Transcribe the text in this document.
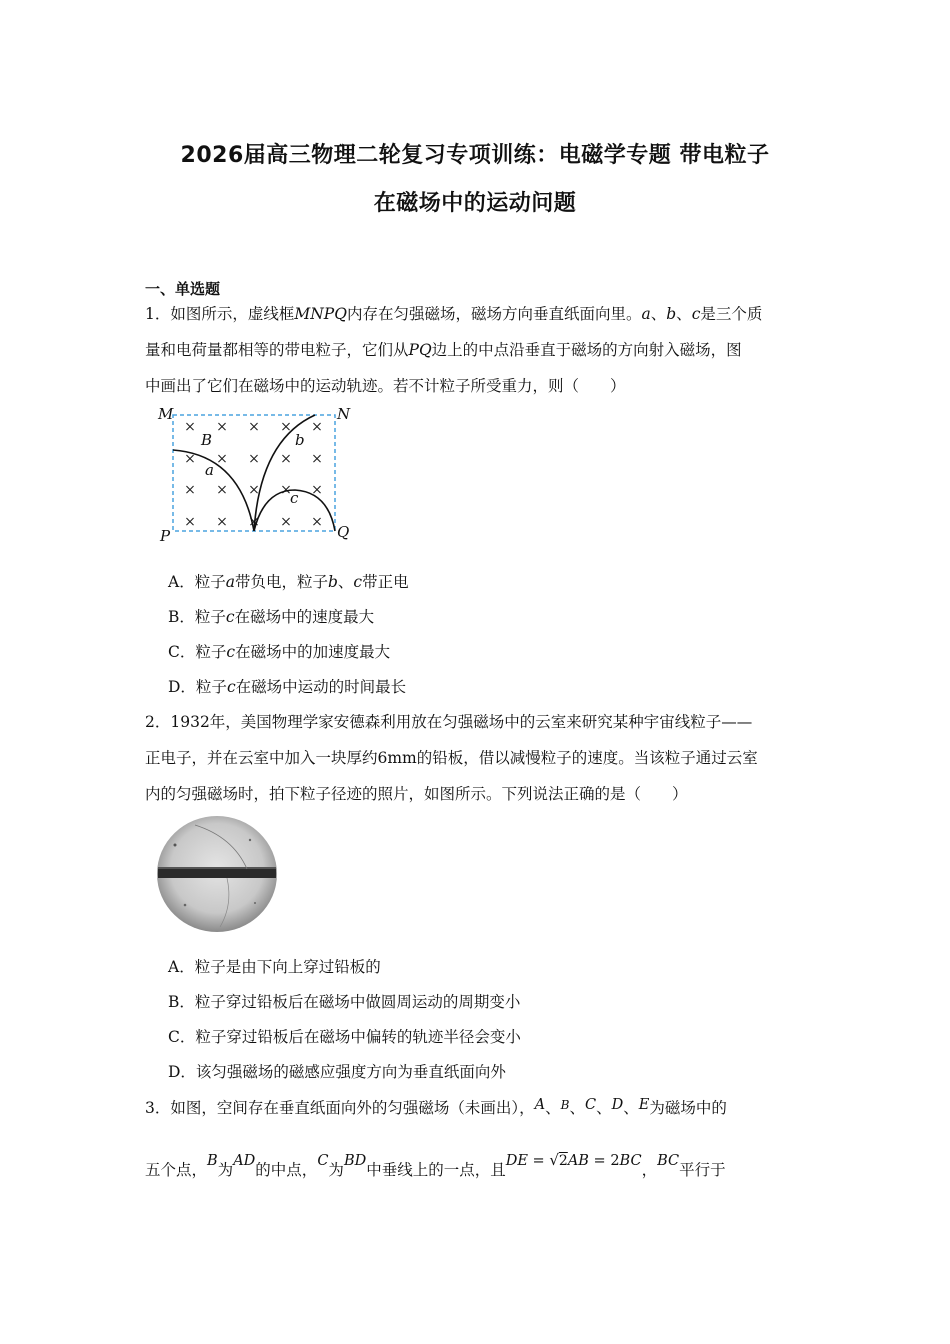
2026届高三物理二轮复习专项训练：电磁学专题 带电粒子
在磁场中的运动问题
一、单选题
1．如图所示，虚线框MNPQ内存在匀强磁场，磁场方向垂直纸面向里。a、b、c是三个质
量和电荷量都相等的带电粒子，它们从PQ边上的中点沿垂直于磁场的方向射入磁场，图
中画出了它们在磁场中的运动轨迹。若不计粒子所受重力，则（　　）
× × × × ×
× × × × ×
× × × × ×
× × × × ×
M	N
P	Q
B
a
b
c
A．粒子a带负电，粒子b、c带正电
B．粒子c在磁场中的速度最大
C．粒子c在磁场中的加速度最大
D．粒子c在磁场中运动的时间最长
2．1932年，美国物理学家安德森利用放在匀强磁场中的云室来研究某种宇宙线粒子——
正电子，并在云室中加入一块厚约6mm的铅板，借以减慢粒子的速度。当该粒子通过云室
内的匀强磁场时，拍下粒子径迹的照片，如图所示。下列说法正确的是（　　）
A．粒子是由下向上穿过铅板的
B．粒子穿过铅板后在磁场中做圆周运动的周期变小
C．粒子穿过铅板后在磁场中偏转的轨迹半径会变小
D．该匀强磁场的磁感应强度方向为垂直纸面向外
3．如图，空间存在垂直纸面向外的匀强磁场（未画出），A、$^B$、C、D、E为磁场中的
五个点，B为AD的中点，C为BD中垂线上的一点，且DE = √2AB = 2BC，BC平行于
